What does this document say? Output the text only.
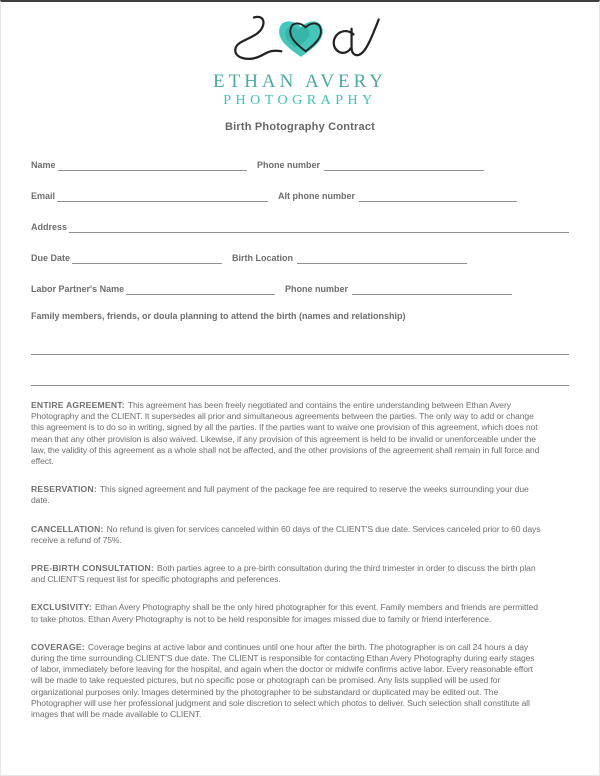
ETHAN AVERY
PHOTOGRAPHY
Birth Photography Contract
Name	Phone number
Email	Alt phone number
Address
Due Date	Birth Location
Labor Partner's Name	Phone number
Family members, friends, or doula planning to attend the birth (names and relationship)
ENTIRE AGREEMENT: This agreement has been freely negotiated and contains the entire understanding between Ethan Avery Photography and the CLIENT. It supersedes all prior and simultaneous agreements between the parties. The only way to add or change this agreement is to do so in writing, signed by all the parties. If the parties want to waive one provision of this agreement, which does not mean that any other provision is also waived. Likewise, if any provision of this agreement is held to be invalid or unenforceable under the law, the validity of this agreement as a whole shall not be affected, and the other provisions of the agreement shall remain in full force and effect.
RESERVATION: This signed agreement and full payment of the package fee are required to reserve the weeks surrounding your due date.
CANCELLATION: No refund is given for services canceled within 60 days of the CLIENT'S due date. Services canceled prior to 60 days receive a refund of 75%.
PRE-BIRTH CONSULTATION: Both parties agree to a pre-birth consultation during the third trimester in order to discuss the birth plan and CLIENT'S request list for specific photographs and peferences.
EXCLUSIVITY: Ethan Avery Photography shall be the only hired photographer for this event. Family members and friends are permitted to take photos. Ethan Avery Photography is not to be held responsible for images missed due to family or friend interference.
COVERAGE: Coverage begins at active labor and continues until one hour after the birth. The photographer is on call 24 hours a day during the time surrounding CLIENT'S due date. The CLIENT is responsible for contacting Ethan Avery Photography during early stages of labor, immediately before leaving for the hospital, and again when the doctor or midwife confirms active labor. Every reasonable effort will be made to take requested pictures, but no specific pose or photograph can be promised. Any lists supplied will be used for organizational purposes only. Images determined by the photographer to be substandard or duplicated may be edited out. The Photographer will use her professional judgment and sole discretion to select which photos to deliver. Such selection shall constitute all images that will be made available to CLIENT.
